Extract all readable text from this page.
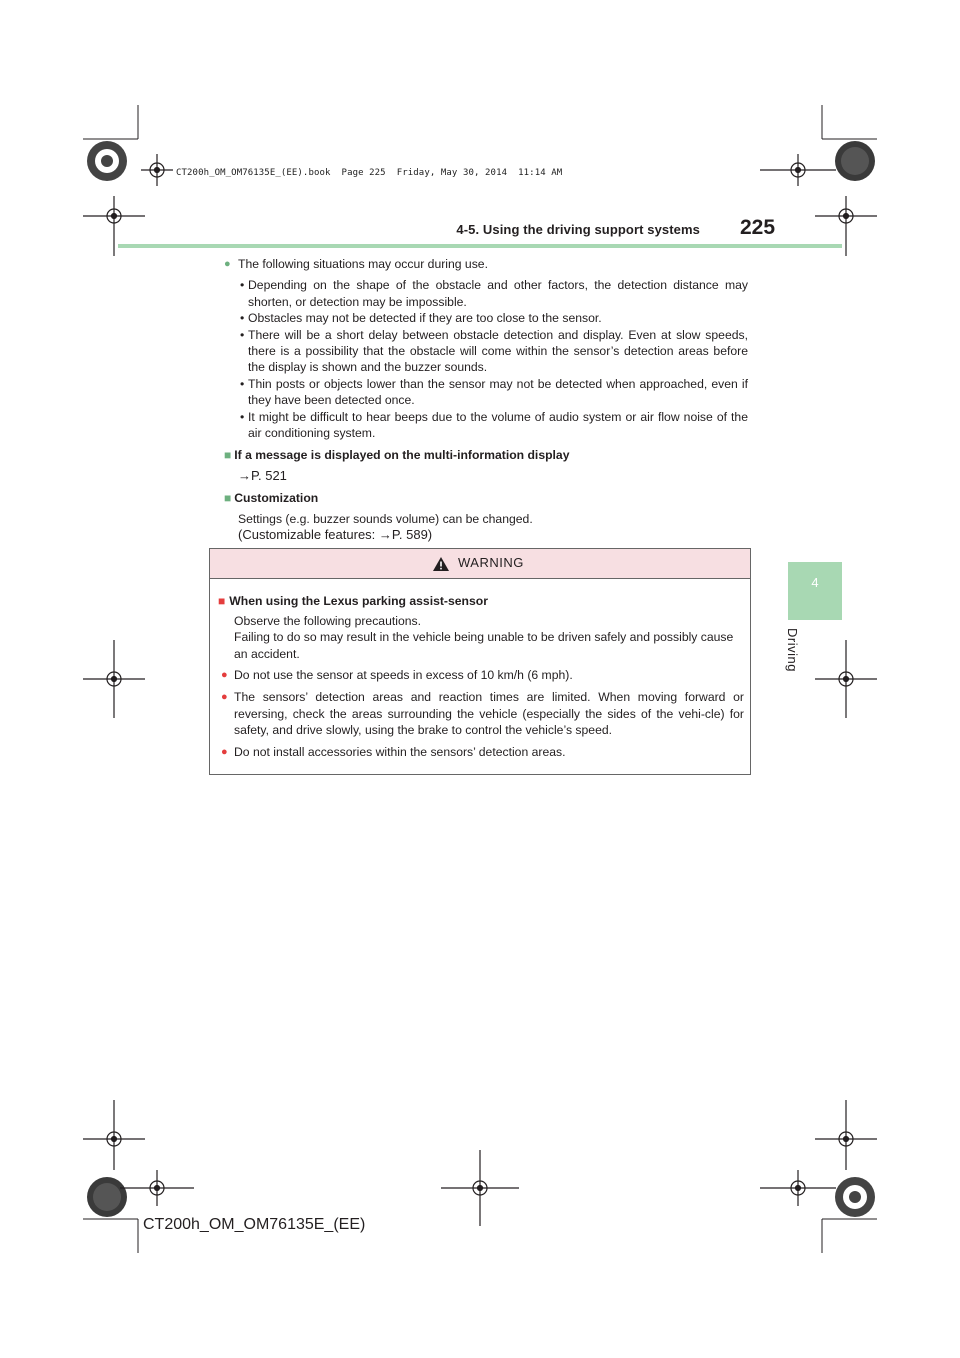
CT200h_OM_OM76135E_(EE).book  Page 225  Friday, May 30, 2014  11:14 AM
4-5. Using the driving support systems 225
4
Driving
● The following situations may occur during use.
• Depending on the shape of the obstacle and other factors, the detection distance may shorten, or detection may be impossible.
• Obstacles may not be detected if they are too close to the sensor.
• There will be a short delay between obstacle detection and display. Even at slow speeds, there is a possibility that the obstacle will come within the sensor’s detection areas before the display is shown and the buzzer sounds.
• Thin posts or objects lower than the sensor may not be detected when approached, even if they have been detected once.
• It might be difficult to hear beeps due to the volume of audio system or air flow noise of the air conditioning system.
■ If a message is displayed on the multi-information display
→P. 521
■ Customization
Settings (e.g. buzzer sounds volume) can be changed.
(Customizable features: →P. 589)
WARNING
■ When using the Lexus parking assist-sensor
Observe the following precautions.
Failing to do so may result in the vehicle being unable to be driven safely and possibly cause an accident.
● Do not use the sensor at speeds in excess of 10 km/h (6 mph).
● The sensors’ detection areas and reaction times are limited. When moving forward or reversing, check the areas surrounding the vehicle (especially the sides of the vehi-cle) for safety, and drive slowly, using the brake to control the vehicle’s speed.
● Do not install accessories within the sensors’ detection areas.
CT200h_OM_OM76135E_(EE)
